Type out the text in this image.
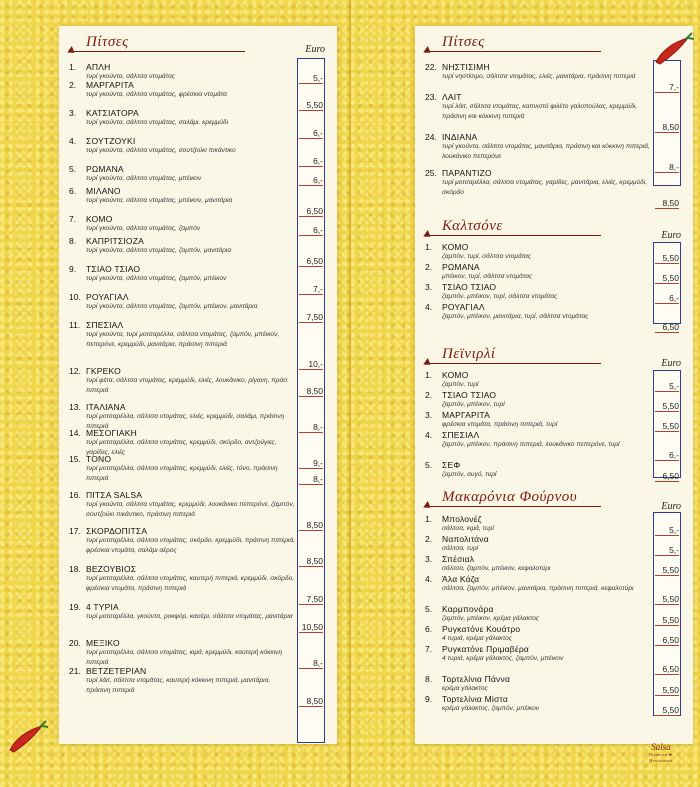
Πίτσες	Euro
1. ΑΠΛΗ
τυρί γκούντα, σάλτσα ντομάτας	5,-
2. ΜΑΡΓΑΡΙΤΑ
τυρί γκούντα, σάλτσα ντομάτας, φρέσκια ντομάτα
5,50
3. ΚΑΤΣΙΑΤΟΡΑ
τυρί γκούντα, σάλτσα ντομάτας, σαλάμι, κρεμμύδι
6,-
4. ΣΟΥΤΖΟΥΚΙ
τυρί γκούντα, σάλτσα ντομάτας, σουτζούκι πικάντικο
6,-
5. ΡΩΜΑΝΑ
τυρί γκούντα, σάλτσα ντομάτας, μπέικον	6,-
6. ΜΙΛΑΝΟ
τυρί γκούντα, σάλτσα ντομάτας, μπέικον, μανιτάρια
6,50
7. ΚΟΜΟ
τυρί γκούντα, σάλτσα ντομάτας, ζαμπόν	6,-
8. ΚΑΠΡΙΤΣΙΟΖΑ
τυρί γκούντα, σάλτσα ντομάτας, ζαμπόν, μανιτάρια
6,50
9. ΤΣΙΑΟ ΤΣΙΑΟ
τυρί γκούντα, σάλτσα ντομάτας, ζαμπόν, μπέικον
7,-
10. ΡΟΥΑΓΙΑΛ
τυρί γκούντα, σάλτσα ντομάτας, ζαμπόν, μπέικον, μανιτάρια
7,50
11. ΣΠΕΣΙΑΛ
τυρί γκούντα, τυρί μοτσαρέλλα, σάλτσα ντομάτας, ζαμπόν, μπέικον, πεπερόνε, κρεμμύδι, μανιτάρια, πράσινη πιπεριά
10,-
12. ΓΚΡΕΚΟ
τυρί φέτα, σάλτσα ντομάτας, κρεμμύδι, ελιές, λουκάνικο, ρίγανη, πράσ. πιπεριά	8,50
13. ΙΤΑΛΙΑΝΑ
τυρί μοτσαρέλλα, σάλτσα ντομάτας, ελιές, κρεμμύδι, σαλάμι, πράσινη πιπεριά	8,-
14. ΜΕΣΟΓΙΑΚΗ
τυρί μοτσαρέλλα, σάλτσα ντομάτας, κρεμμύδι, σκόρδο, αντζούγιες, γαρίδες, ελιές
9,-
15. ΤΟΝΟ
τυρί μοτσαρέλλα, σάλτσα ντομάτας, κρεμμύδι, ελιές, τόνο, πράσινη πιπεριά	8,-
16. ΠΙΤΣΑ SALSA
τυρί γκούντα, σάλτσα ντομάτας, κρεμμύδι, λουκάνικο πεπερόνε, ζαμπόν, σουτζούκι πικάντικο, πράσινη πιπεριά
8,50
17. ΣΚΟΡΔΟΠΙΤΣΑ
τυρί μοτσαρέλλα, σάλτσα ντομάτας, σκόρδο, κρεμμύδι, πράσινη πιπεριά, φρέσκια ντομάτα, σαλάμι αέρος
8,50
18. ΒΕΖΟΥΒΙΟΣ
τυρί μοτσαρέλλα, σάλτσα ντομάτας, καυτερή πιπεριά, κρεμμύδι, σκόρδο, φρέσκια ντομάτα, πράσινη πιπεριά
7,50
19. 4 ΤΥΡΙΑ
τυρί μοτσαρέλλα, γκούντα, ροκφόρ, κασέρι, σάλτσα ντομάτας, μανιτάρια
10,50
20. ΜΕΞΙΚΟ
τυρί μοτσαρέλλα, σάλτσα ντομάτας, κιμά, κρεμμύδι, καυτερή κόκκινη πιπεριά	8,-
21. ΒΕΤΖΕΤΕΡΙΑΝ
τυρί λάιτ, σάλτσα ντομάτας, καυτερή κόκκινη πιπεριά, μανιτάρια, πράσινη πιπεριά
8,50
Πίτσες
Καλτσόνε
Euro
Πεϊνιρλί
Euro
Μακαρόνια Φούρνου
Euro
22. ΝΗΣΤΙΣΙΜΗ
τυρί νηστίσιμο, σάλτσα ντομάτας, ελιές, μανιτάρια, πράσινη πιπεριά
7,-
23. ΛΑΙΤ
τυρί λάιτ, σάλτσα ντομάτας, καπνιστό φιλέτο γαλοπούλας, κρεμμύδι, πράσινη και κόκκινη πιπεριά
8,50
24. ΙΝΔΙΑΝΑ
τυρί γκούντα, σάλτσα ντομάτας, μανιτάρια, πράσινη και κόκκινη πιπεριά, λουκάνικο πεπερόνε
8,-
25. ΠΑΡΑΝΤΙΖΟ
τυρί μοτσαρέλλα, σάλτσα ντομάτας, γαρίδες, μανιτάρια, ελιές, κρεμμύδι, σκόρδο
8,50
1. ΚΟΜΟ
ζαμπόν, τυρί, σάλτσα ντομάτας	5,50
2. ΡΩΜΑΝΑ
μπέικον, τυρί, σάλτσα ντομάτας	5,50
3. ΤΣΙΑΟ ΤΣΙΑΟ
ζαμπόν, μπέικον, τυρί, σάλτσα ντομάτας	6,-
4. ΡΟΥΑΓΙΑΛ
ζαμπόν, μπέικον, μανιτάρια, τυρί, σάλτσα ντομάτας
6,50
1. ΚΟΜΟ
ζαμπόν, τυρί	5,-
2. ΤΣΙΑΟ ΤΣΙΑΟ
ζαμπόν, μπέικον, τυρί	5,50
3. ΜΑΡΓΑΡΙΤΑ
φρέσκια ντομάτα, πράσινη πιπεριά, τυρί	5,50
4. ΣΠΕΣΙΑΛ
ζαμπόν, μπέικον, πράσινη πιπεριά, λουκάνικο πεπερόνε, τυρί
6,-
5. ΣΕΦ
ζαμπόν, αυγό, τυρί	6,50
1. Μπολονέζ
σάλτσα, κιμά, τυρί	5,-
2. Ναπολιτάνα
σάλτσα, τυρί	5,-
3. Σπέσιαλ
σάλτσα, ζαμπόν, μπέικον, κεφαλοτύρι	5,50
4. Άλα Κάζα
σάλτσα, ζαμπόν, μπέικον, μανιτάρια, πράσινη πιπεριά, κεφαλοτύρι
5,50
5. Καρμπονάρα
ζαμπόν, μπέικον, κρέμα γάλακτος	5,50
6. Ρυγκατόνε Κουάτρο
4 τυριά, κρέμα γάλακτος	6,50
7. Ρυγκατόνε Πριμαβέρα
4 τυριά, κρέμα γάλακτος, ζαμπόν, μπέικον
6,50
8. Τορτελίνια Πάννα
κρέμα γάλακτος	5,50
9. Τορτελίνια Μίστα
κρέμα γάλακτος, ζαμπόν, μπέικον	5,50
Salsa
Pizzeria ★ Restaurant
